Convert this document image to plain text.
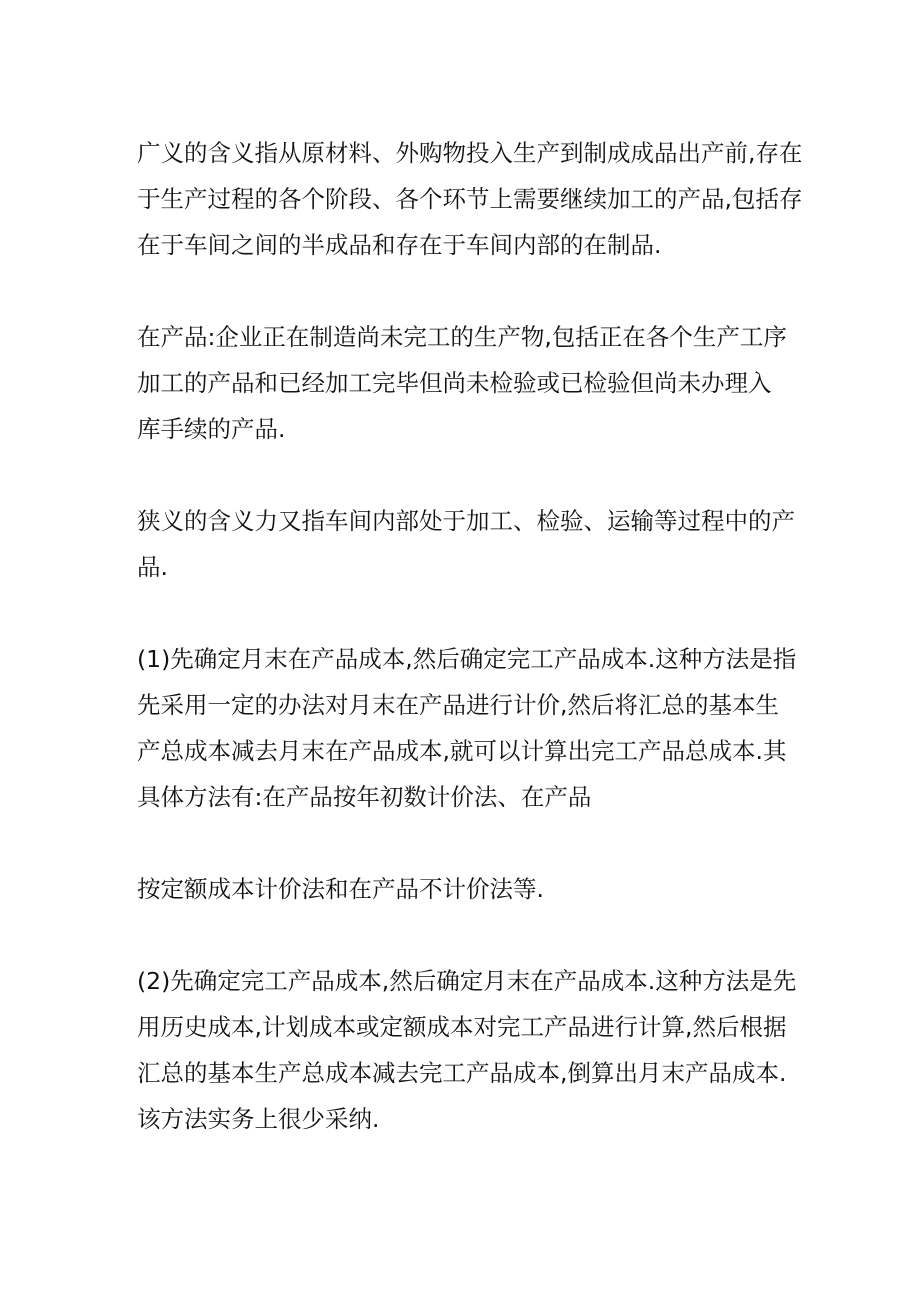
广义的含义指从原材料、外购物投入生产到制成成品出产前,存在
于生产过程的各个阶段、各个环节上需要继续加工的产品,包括存
在于车间之间的半成品和存在于车间内部的在制品.

在产品:企业正在制造尚未完工的生产物,包括正在各个生产工序
加工的产品和已经加工完毕但尚未检验或已检验但尚未办理入
库手续的产品.

狭义的含义力又指车间内部处于加工、检验、运输等过程中的产
品.

(1)先确定月末在产品成本,然后确定完工产品成本.这种方法是指
先采用一定的办法对月末在产品进行计价,然后将汇总的基本生
产总成本减去月末在产品成本,就可以计算出完工产品总成本.其
具体方法有:在产品按年初数计价法、在产品

按定额成本计价法和在产品不计价法等.

(2)先确定完工产品成本,然后确定月末在产品成本.这种方法是先
用历史成本,计划成本或定额成本对完工产品进行计算,然后根据
汇总的基本生产总成本减去完工产品成本,倒算出月末产品成本.
该方法实务上很少采纳.
